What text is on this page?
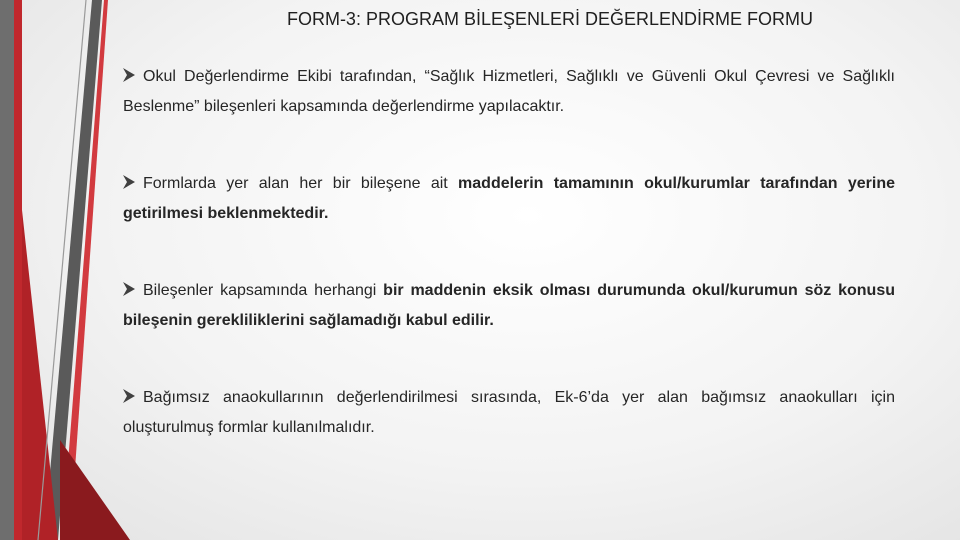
FORM-3: PROGRAM BİLEŞENLERİ DEĞERLENDİRME FORMU
Okul Değerlendirme Ekibi tarafından, “Sağlık Hizmetleri, Sağlıklı ve Güvenli Okul Çevresi ve Sağlıklı Beslenme” bileşenleri kapsamında değerlendirme yapılacaktır.
Formlarda yer alan her bir bileşene ait maddelerin tamamının okul/kurumlar tarafından yerine getirilmesi beklenmektedir.
Bileşenler kapsamında herhangi bir maddenin eksik olması durumunda okul/kurumun söz konusu bileşenin gerekliliklerini sağlamadığı kabul edilir.
Bağımsız anaokullarının değerlendirilmesi sırasında, Ek-6’da yer alan bağımsız anaokulları için oluşturulmuş formlar kullanılmalıdır.
